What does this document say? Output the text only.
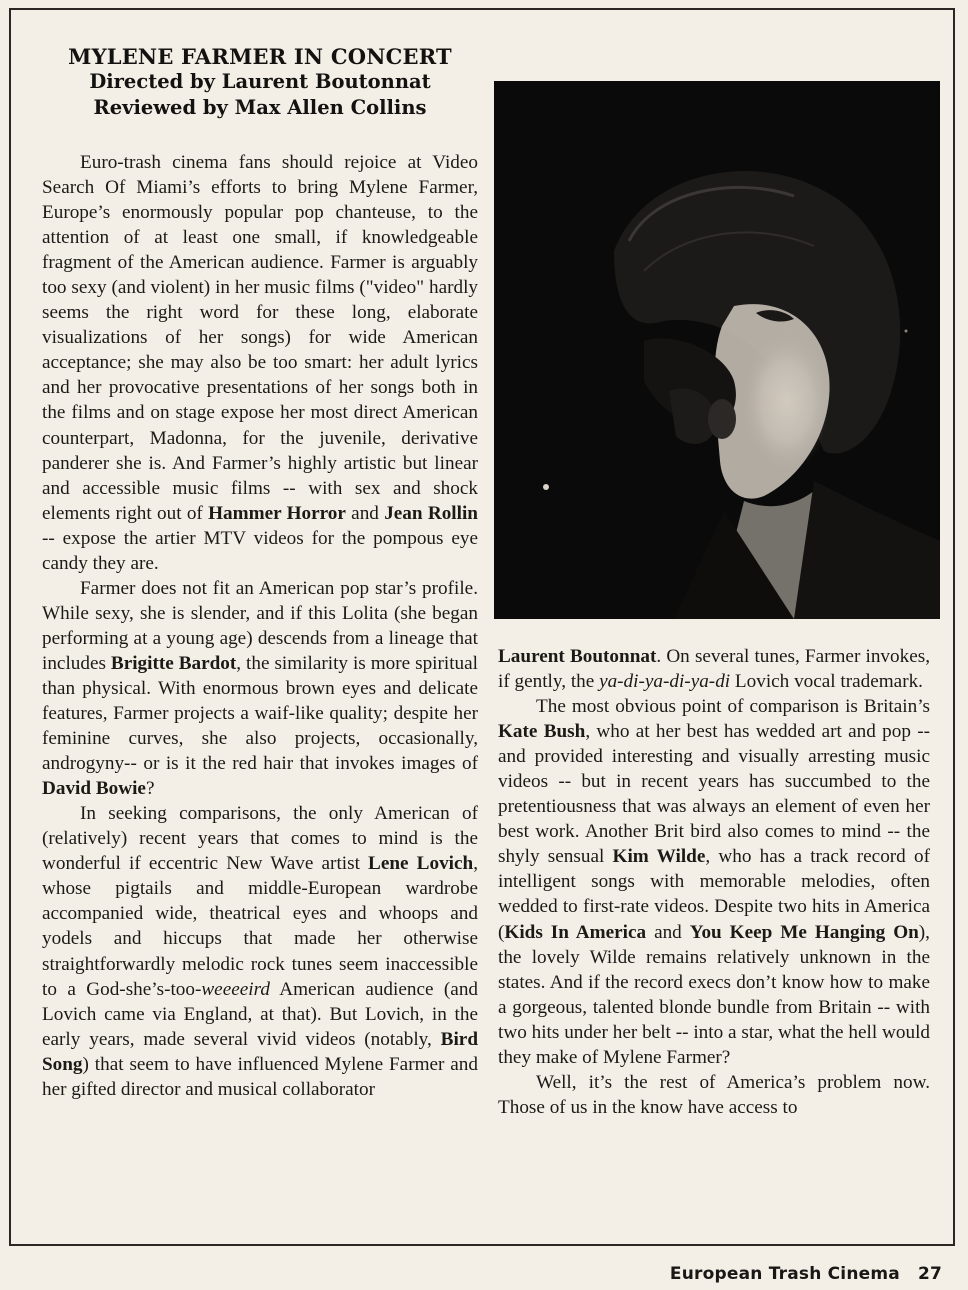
MYLENE FARMER IN CONCERT
Directed by Laurent Boutonnat
Reviewed by Max Allen Collins

Euro-trash cinema fans should rejoice at Video Search Of Miami’s efforts to bring Mylene Farmer, Europe’s enormously popular pop chanteuse, to the attention of at least one small, if knowledgeable fragment of the American audience. Farmer is arguably too sexy (and violent) in her music films ("video" hardly seems the right word for these long, elaborate visualizations of her songs) for wide American acceptance; she may also be too smart: her adult lyrics and her provocative presentations of her songs both in the films and on stage expose her most direct American counterpart, Madonna, for the juvenile, derivative panderer she is. And Farmer’s highly artistic but linear and accessible music films -- with sex and shock elements right out of Hammer Horror and Jean Rollin -- expose the artier MTV videos for the pompous eye candy they are.

Farmer does not fit an American pop star’s profile. While sexy, she is slender, and if this Lolita (she began performing at a young age) descends from a lineage that includes Brigitte Bardot, the similarity is more spiritual than physical. With enormous brown eyes and delicate features, Farmer projects a waif-like quality; despite her feminine curves, she also projects, occasionally, androgyny-- or is it the red hair that invokes images of David Bowie?

In seeking comparisons, the only American of (relatively) recent years that comes to mind is the wonderful if eccentric New Wave artist Lene Lovich, whose pigtails and middle-European wardrobe accompanied wide, theatrical eyes and whoops and yodels and hiccups that made her otherwise straightforwardly melodic rock tunes seem inaccessible to a God-she’s-too-weeeeird American audience (and Lovich came via England, at that). But Lovich, in the early years, made several vivid videos (notably, Bird Song) that seem to have influenced Mylene Farmer and her gifted director and musical collaborator

Laurent Boutonnat. On several tunes, Farmer invokes, if gently, the ya-di-ya-di-ya-di Lovich vocal trademark.

The most obvious point of comparison is Britain’s Kate Bush, who at her best has wedded art and pop -- and provided interesting and visually arresting music videos -- but in recent years has succumbed to the pretentiousness that was always an element of even her best work. Another Brit bird also comes to mind -- the shyly sensual Kim Wilde, who has a track record of intelligent songs with memorable melodies, often wedded to first-rate videos. Despite two hits in America (Kids In America and You Keep Me Hanging On), the lovely Wilde remains relatively unknown in the states. And if the record execs don’t know how to make a gorgeous, talented blonde bundle from Britain -- with two hits under her belt -- into a star, what the hell would they make of Mylene Farmer?

Well, it’s the rest of America’s problem now. Those of us in the know have access to

European Trash Cinema 27
